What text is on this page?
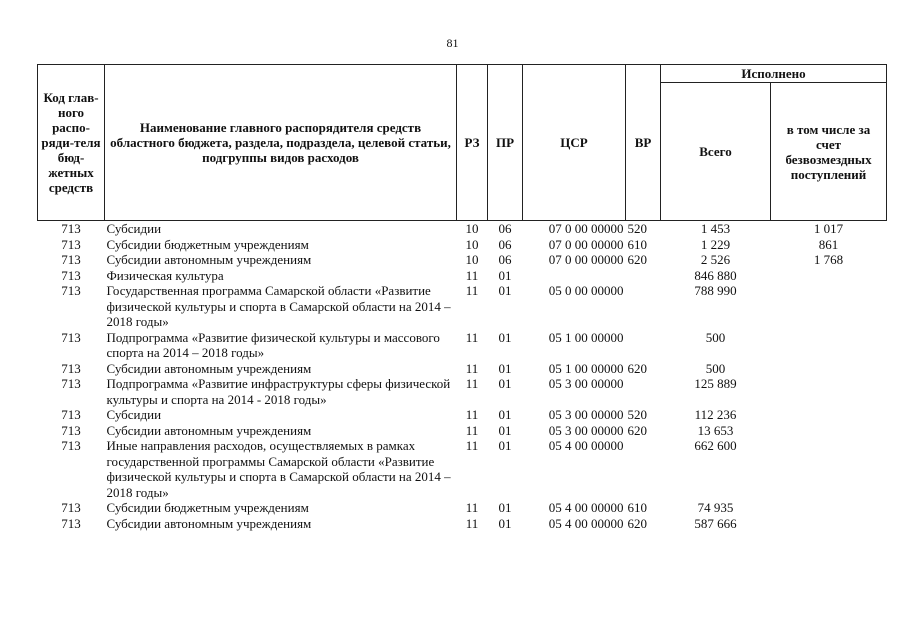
81
Код глав-ного распо-ряди-теля бюд-жетных средств	Наименование главного распорядителя средств областного бюджета, раздела, подраздела, целевой статьи, подгруппы видов расходов	РЗ	ПР	ЦСР	ВР	Исполнено	
						Всего	в том числе за счет безвозмездных поступлений
713	Субсидии	10	06	07 0 00 00000	520	1 453	1 017
713	Субсидии бюджетным учреждениям	10	06	07 0 00 00000	610	1 229	861
713	Субсидии автономным учреждениям	10	06	07 0 00 00000	620	2 526	1 768
713	Физическая культура	11	01			846 880	
713	Государственная программа Самарской области «Развитие физической культуры и спорта в Самарской области на 2014 – 2018 годы»	11	01	05 0 00 00000		788 990	
713	Подпрограмма «Развитие физической культуры и массового спорта на 2014 – 2018 годы»	11	01	05 1 00 00000		500	
713	Субсидии автономным учреждениям	11	01	05 1 00 00000	620	500	
713	Подпрограмма «Развитие инфраструктуры сферы физической культуры и спорта на 2014 - 2018 годы»	11	01	05 3 00 00000		125 889	
713	Субсидии	11	01	05 3 00 00000	520	112 236	
713	Субсидии автономным учреждениям	11	01	05 3 00 00000	620	13 653	
713	Иные направления расходов, осуществляемых в рамках государственной программы Самарской области «Развитие физической культуры и спорта в Самарской области на 2014 – 2018 годы»	11	01	05 4 00 00000		662 600	
713	Субсидии бюджетным учреждениям	11	01	05 4 00 00000	610	74 935	
713	Субсидии автономным учреждениям	11	01	05 4 00 00000	620	587 666	
